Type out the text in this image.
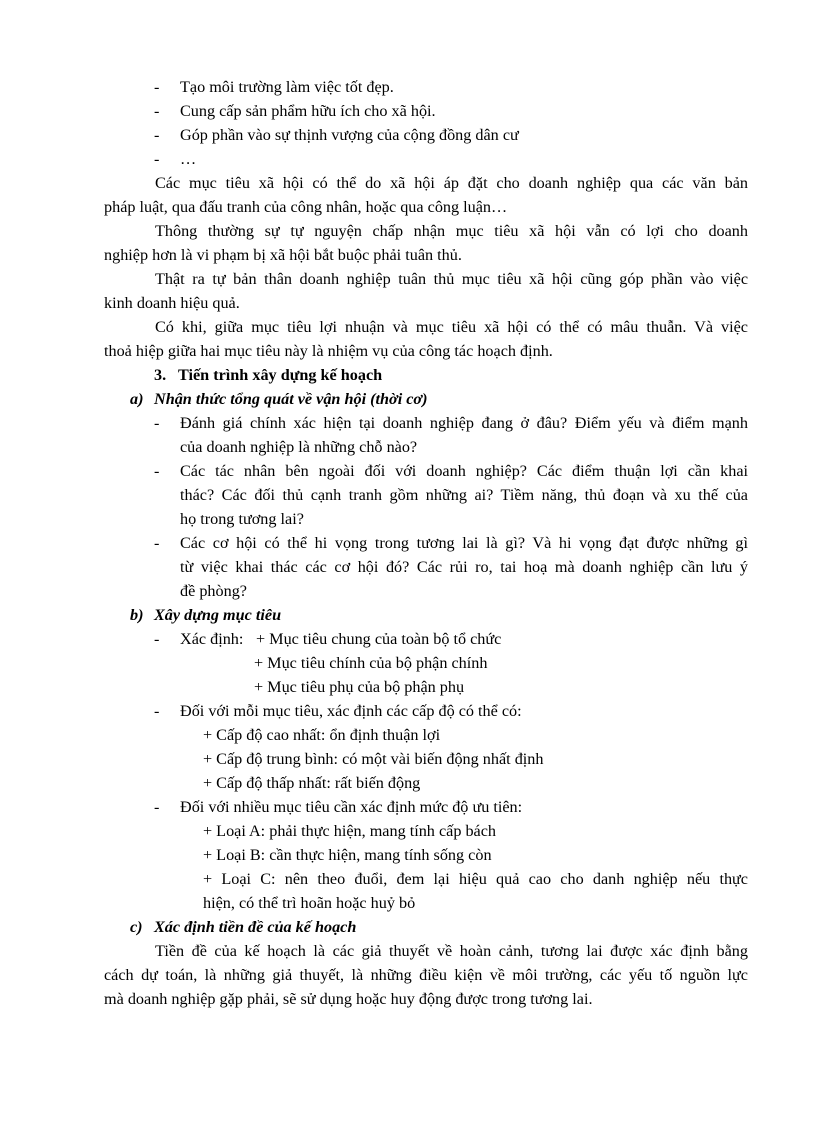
- Tạo môi trường làm việc tốt đẹp.
- Cung cấp sản phẩm hữu ích cho xã hội.
- Góp phần vào sự thịnh vượng của cộng đồng dân cư
- …
Các mục tiêu xã hội có thể do xã hội áp đặt cho doanh nghiệp qua các văn bản
pháp luật, qua đấu tranh của công nhân, hoặc qua công luận…
Thông thường sự tự nguyện chấp nhận mục tiêu xã hội vẫn có lợi cho doanh
nghiệp hơn là vi phạm bị xã hội bắt buộc phải tuân thủ.
Thật ra tự bản thân doanh nghiệp tuân thủ mục tiêu xã hội cũng góp phần vào việc
kinh doanh hiệu quả.
Có khi, giữa mục tiêu lợi nhuận và mục tiêu xã hội có thể có mâu thuẫn. Và việc
thoả hiệp giữa hai mục tiêu này là nhiệm vụ của công tác hoạch định.
3. Tiến trình xây dựng kế hoạch
a) Nhận thức tổng quát về vận hội (thời cơ)
- Đánh giá chính xác hiện tại doanh nghiệp đang ở đâu? Điểm yếu và điểm mạnh
của doanh nghiệp là những chỗ nào?
- Các tác nhân bên ngoài đối với doanh nghiệp? Các điểm thuận lợi cần khai
thác? Các đối thủ cạnh tranh gồm những ai? Tiềm năng, thủ đoạn và xu thế của
họ trong tương lai?
- Các cơ hội có thể hi vọng trong tương lai là gì? Và hi vọng đạt được những gì
từ việc khai thác các cơ hội đó? Các rủi ro, tai hoạ mà doanh nghiệp cần lưu ý
đề phòng?
b) Xây dựng mục tiêu
- Xác định: + Mục tiêu chung của toàn bộ tổ chức
+ Mục tiêu chính của bộ phận chính
+ Mục tiêu phụ của bộ phận phụ
- Đối với mỗi mục tiêu, xác định các cấp độ có thể có:
+ Cấp độ cao nhất: ổn định thuận lợi
+ Cấp độ trung bình: có một vài biến động nhất định
+ Cấp độ thấp nhất: rất biến động
- Đối với nhiều mục tiêu cần xác định mức độ ưu tiên:
+ Loại A: phải thực hiện, mang tính cấp bách
+ Loại B: cần thực hiện, mang tính sống còn
+ Loại C: nên theo đuổi, đem lại hiệu quả cao cho danh nghiệp nếu thực
hiện, có thể trì hoãn hoặc huỷ bỏ
c) Xác định tiền đề của kế hoạch
Tiền đề của kế hoạch là các giả thuyết về hoàn cảnh, tương lai được xác định bằng
cách dự toán, là những giả thuyết, là những điều kiện về môi trường, các yếu tố nguồn lực
mà doanh nghiệp gặp phải, sẽ sử dụng hoặc huy động được trong tương lai.
